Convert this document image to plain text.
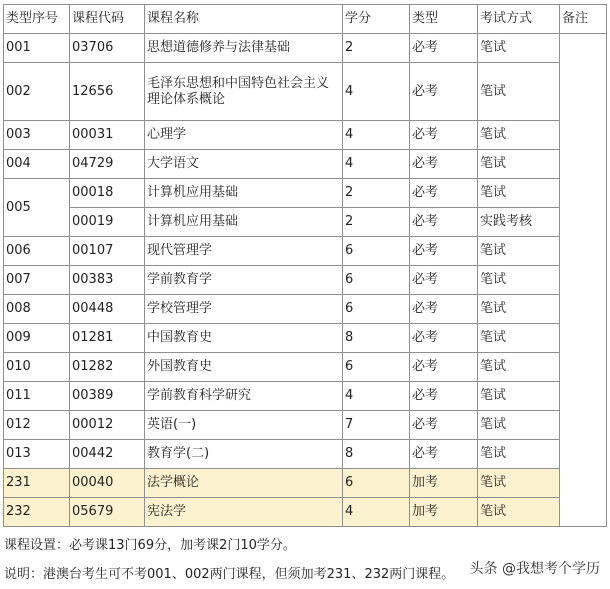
类型序号	课程代码	课程名称	学分	类型	考试方式	备注
001	03706	思想道德修养与法律基础	2	必考	笔试	
002	12656	毛泽东思想和中国特色社会主义理论体系概论	4	必考	笔试	
003	00031	心理学	4	必考	笔试	
004	04729	大学语文	4	必考	笔试	
005	00018	计算机应用基础	2	必考	笔试	
	00019	计算机应用基础	2	必考	实践考核	
006	00107	现代管理学	6	必考	笔试	
007	00383	学前教育学	6	必考	笔试	
008	00448	学校管理学	6	必考	笔试	
009	01281	中国教育史	8	必考	笔试	
010	01282	外国教育史	6	必考	笔试	
011	00389	学前教育科学研究	4	必考	笔试	
012	00012	英语(一)	7	必考	笔试	
013	00442	教育学(二)	8	必考	笔试	
231	00040	法学概论	6	加考	笔试	
232	05679	宪法学	4	加考	笔试	
课程设置：必考课13门69分，加考课2门10学分。
说明：港澳台考生可不考001、002两门课程，但须加考231、232两门课程。 头条 @我想考个学历
